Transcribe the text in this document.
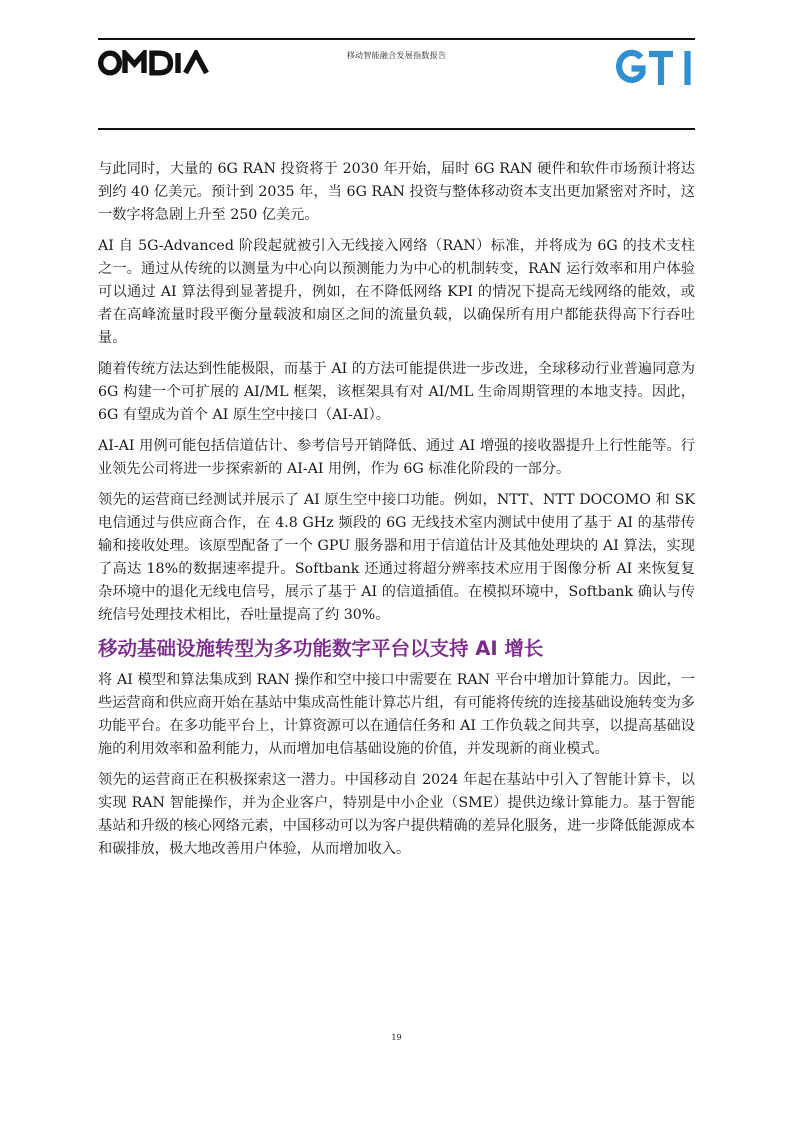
移动智能融合发展指数报告

与此同时，大量的 6G RAN 投资将于 2030 年开始，届时 6G RAN 硬件和软件市场预计将达到约 40 亿美元。预计到 2035 年，当 6G RAN 投资与整体移动资本支出更加紧密对齐时，这一数字将急剧上升至 250 亿美元。

AI 自 5G-Advanced 阶段起就被引入无线接入网络（RAN）标准，并将成为 6G 的技术支柱之一。通过从传统的以测量为中心向以预测能力为中心的机制转变，RAN 运行效率和用户体验可以通过 AI 算法得到显著提升，例如，在不降低网络 KPI 的情况下提高无线网络的能效，或者在高峰流量时段平衡分量载波和扇区之间的流量负载，以确保所有用户都能获得高下行吞吐量。

随着传统方法达到性能极限，而基于 AI 的方法可能提供进一步改进，全球移动行业普遍同意为 6G 构建一个可扩展的 AI/ML 框架，该框架具有对 AI/ML 生命周期管理的本地支持。因此，6G 有望成为首个 AI 原生空中接口（AI-AI）。

AI-AI 用例可能包括信道估计、参考信号开销降低、通过 AI 增强的接收器提升上行性能等。行业领先公司将进一步探索新的 AI-AI 用例，作为 6G 标准化阶段的一部分。

领先的运营商已经测试并展示了 AI 原生空中接口功能。例如，NTT、NTT DOCOMO 和 SK 电信通过与供应商合作，在 4.8 GHz 频段的 6G 无线技术室内测试中使用了基于 AI 的基带传输和接收处理。该原型配备了一个 GPU 服务器和用于信道估计及其他处理块的 AI 算法，实现了高达 18%的数据速率提升。Softbank 还通过将超分辨率技术应用于图像分析 AI 来恢复复杂环境中的退化无线电信号，展示了基于 AI 的信道插值。在模拟环境中，Softbank 确认与传统信号处理技术相比，吞吐量提高了约 30%。

移动基础设施转型为多功能数字平台以支持 AI 增长

将 AI 模型和算法集成到 RAN 操作和空中接口中需要在 RAN 平台中增加计算能力。因此，一些运营商和供应商开始在基站中集成高性能计算芯片组，有可能将传统的连接基础设施转变为多功能平台。在多功能平台上，计算资源可以在通信任务和 AI 工作负载之间共享，以提高基础设施的利用效率和盈利能力，从而增加电信基础设施的价值，并发现新的商业模式。

领先的运营商正在积极探索这一潜力。中国移动自 2024 年起在基站中引入了智能计算卡，以实现 RAN 智能操作，并为企业客户，特别是中小企业（SME）提供边缘计算能力。基于智能基站和升级的核心网络元素，中国移动可以为客户提供精确的差异化服务，进一步降低能源成本和碳排放，极大地改善用户体验，从而增加收入。

19
